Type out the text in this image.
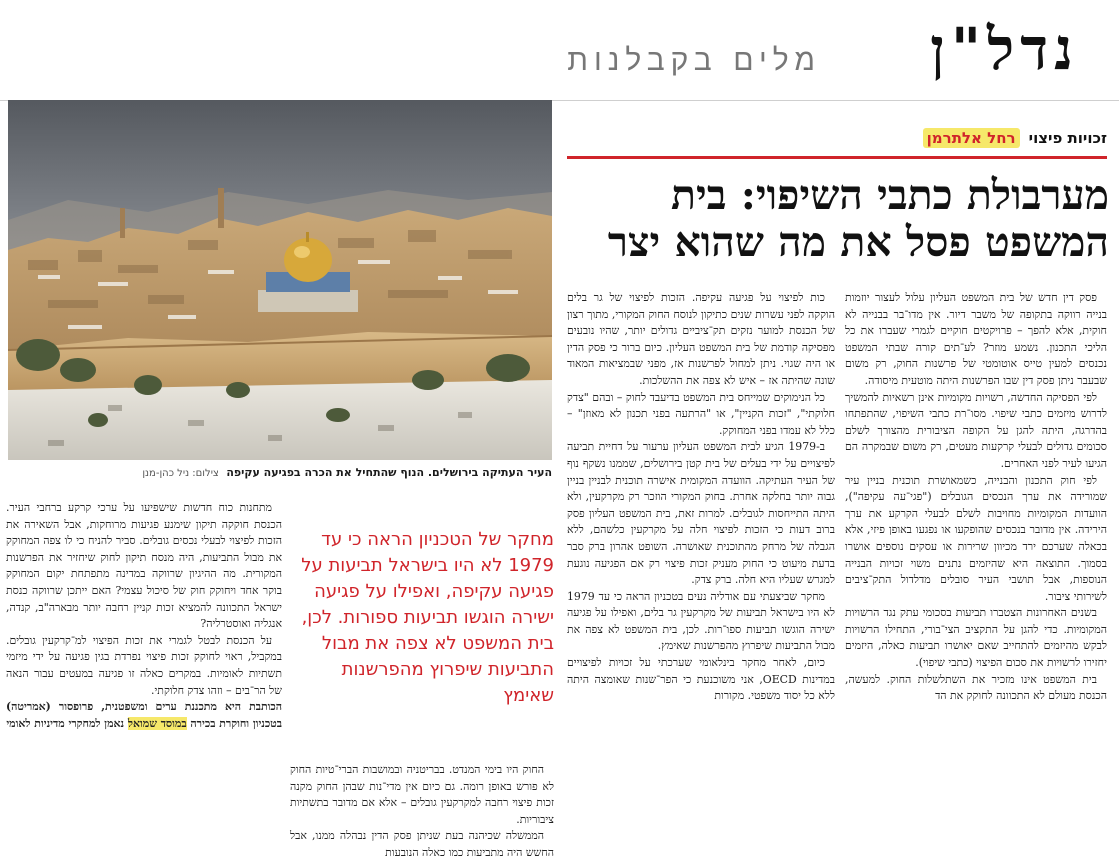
נדל"ן
מלים בקבלנות
העיר העתיקה בירושלים. הנוף שהתחיל את הכרה בפגיעה עקיפה צילום: ניל כהן-מנן
זכויות פיצוי רחל אלתרמן
מערבולת כתבי השיפוי: בית המשפט פסל את מה שהוא יצר

פסק דין חדש של בית המשפט העליון עלול לעצור יוזמות בנייה רווקה בתקופה של משבר דיור. אין מדו־בר בבנייה לא חוקית, אלא להפך – פרויקטים חוקיים לגמרי שעברו את כל הליכי התכנון. נשמע מוזר? לע־תים קורה שבתי המשפט נכנסים למעין טייס אוטומטי של פרשנות החוק, רק משום שבעבר ניתן פסק דין שבו הפרשנות היתה מוטעית מיסודה.

לפי הפסיקה החדשה, רשויות מקומיות אינן רשאיות להמשיך לדרוש מיזמים כתבי שיפוי. מסו־רת כתבי השיפוי, שהתפתחו בהדרגה, היתה להגן על הקופה הציבורית מהצורך לשלם סכומים גדולים לבעלי קרקעות מעטים, רק משום שבמקרה הם הגיעו לעיר לפני האחרים.

לפי חוק התכנון והבנייה, כשמאושרת תוכנית בניין עיר שמורידה את ערך הנכסים הגובלים ("פגי־עה עקיפה"), הוועדות המקומיות מחויבות לשלם לבעלי הקרקע את ערך הירידה. אין מדובר בנכסים שהופקעו או נפגעו באופן פיזי, אלא בכאלה שערכם ירד מכיוון שרירות או עסקים נוספים אושרו בסמוך. התוצאה היא שהיזמים נתנים משוי זכויות הבנייה הנוספות, אבל תושבי העיר סובלים מדלדול התק־ציבים לשירותי ציבור.

בשנים האחרונות הצטברו תביעות בסכומי עתק נגד הרשויות המקומיות. כדי להגן על התקציב הצי־בורי, התחילו הרשויות לבקש מהיזמים להתחייב שאם יאושרו תביעות כאלה, היזמים יחזירו לרשויות את סכום הפיצוי (כתבי שיפוי).

בית המשפט אינו מזכיר את השתלשלות החוק. למעשה, הכנסת מעולם לא התכוונה לחוקק את הד

כות לפיצוי על פגיעה עקיפה. הזכות לפיצוי של גר בלים הוקקה לפני עשרות שנים כתיקון לנוסח החוק המקורי, מתוך רצון של הכנסת למוער נזקים תק־ציביים גדולים יותר, שהיו נובעים מפסיקה קודמת של בית המשפט העליון. כיום ברור כי פסק הדין או היה שגוי. ניתן למחול לפרשנות אז, מפני שבמציאות המאוד שונה שהיתה אז – איש לא צפה את ההשלכות.

כל הנימוקים שמייחס בית המשפט בדיעבד לחוק – ובהם "צדק חלוקתי", "זכות הקניין", או "הרתעה בפני תכנון לא מאוזן" – כלל לא עמדו בפני המחוקק.

ב-1979 הגיע לבית המשפט העליון ערעור על דחיית תביעה לפיצויים על ידי בעלים של בית קטן בירושלים, שממנו נשקף נוף של העיר העתיקה. הוועדה המקומית אישרה תוכנית לבניין בניין גבוה יותר בחלקה אחרת. בחוק המקורי הוזכר רק מקרקעין, ולא היתה התייחסות לגובלים. למרות זאת, בית המשפט העליון פסק ברוב דעות כי הזכות לפיצוי חלה על מקרקעין כלשהם, ללא הגבלה של מרחק מהתוכנית שאושרה. השופט אהרון ברק סבר בדעת מיעוט כי החוק מעניק זכות פיצוי רק אם הפגיעה נוגעת למגרש שעליו היא חלה. ברק צדק.

מחקר שביצעתי עם אודליה נעים בטכניון הראה כי עד 1979 לא היו בישראל תביעות של מקרקעין גר בלים, ואפילו על פגיעה ישירה הוגשו תביעות ספו־רות. לכן, בית המשפט לא צפה את מבול התביעות שיפרוץ מהפרשנות שאימץ.

כיום, לאחר מחקר בינלאומי שערכתי על זכויות לפיצויים במדינות OECD, אני משוכנעת כי הפר־שנות שאומצה היתה ללא כל יסוד משפטי. מקורות

מחקר של הטכניון הראה כי עד 1979 לא היו בישראל תביעות על פגיעה עקיפה, ואפילו על פגיעה ישירה הוגשו תביעות ספורות. לכן, בית המשפט לא צפה את מבול התביעות שיפרוץ מהפרשנות שאימץ

החוק היו בימי המנדט. בבריטניה ובמושבות הברי־טיות החוק לא פורש באופן רומה. גם כיום אין מדי־נות שבהן החוק מקנה זכות פיצוי רחבה למקרקעין גובלים – אלא אם מדובר בתשתיות ציבוריות.

הממשלה שכיהנה בעת שניתן פסק הדין נבהלה ממנו, אבל החשש היה מתביעות כמו כאלה הנובעות

מתחנות כוח חדשות שישפיעו על ערכי קרקע ברחבי העיר. הכנסת חוקקה תיקון שימנע פגיעות מרוחקות, אבל השאירה את הזכות לפיצוי לבעלי נכסים גובלים. סביר להניח כי לו צפה המחוקק את מבול התביעות, היה מנסח תיקון לחוק שיחזיר את הפרשנות המקורית. מה ההיגיון שרווקה במדינה מתפתחת יקום המחוקק בוקר אחד ויחוקק חוק של סיכול עצמי? האם ייתכן שרווקה כנסת ישראל התכוונה להמציא זכות קניין רחבה יותר מבארה"ב, קנדה, אנגליה ואוסטרליה?

על הכנסת לבטל לגמרי את זכות הפיצוי למ־קרקעין גובלים. במקביל, ראוי לחוקק זכות פיצוי נפרדת בגין פגיעה על ידי מיזמי תשתיות לאומיות. במקרים כאלה זו פגיעה במעטים עבור הנאה של הר־בים – וזהו צדק חלוקתי.

הכותבת היא מתכננת ערים ומשפטנית, פרופסור (אמריטה) בטכניון וחוקרת בכירה במוסד שמואל נאמן למחקרי מדיניות לאומי
